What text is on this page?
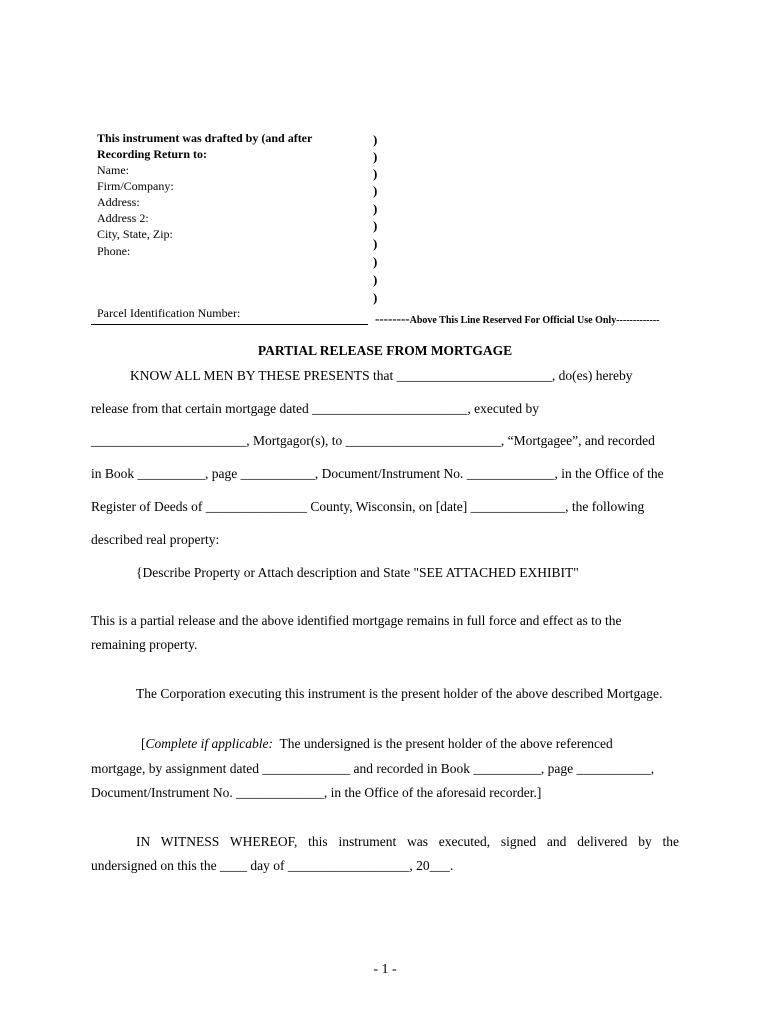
This instrument was drafted by (and after
Recording Return to:
Name:
Firm/Company:
Address:
Address 2:
City, State, Zip:
Phone:
)
)
)
)
)
)
)
)
)
)
Parcel Identification Number:	--------Above This Line Reserved For Official Use Only-------------
PARTIAL RELEASE FROM MORTGAGE
KNOW ALL MEN BY THESE PRESENTS that _______________________, do(es) hereby
release from that certain mortgage dated _______________________, executed by
_______________________, Mortgagor(s), to _______________________, “Mortgagee”, and recorded
in Book __________, page ___________, Document/Instrument No. _____________, in the Office of the
Register of Deeds of _______________ County, Wisconsin, on [date] ______________, the following
described real property:
{Describe Property or Attach description and State "SEE ATTACHED EXHIBIT"
This is a partial release and the above identified mortgage remains in full force and effect as to the
remaining property.
The Corporation executing this instrument is the present holder of the above described Mortgage.
[Complete if applicable:  The undersigned is the present holder of the above referenced
mortgage, by assignment dated _____________ and recorded in Book __________, page ___________,
Document/Instrument No. _____________, in the Office of the aforesaid recorder.]
IN WITNESS WHEREOF, this instrument was executed, signed and delivered by the
undersigned on this the ____ day of __________________, 20___.
- 1 -
